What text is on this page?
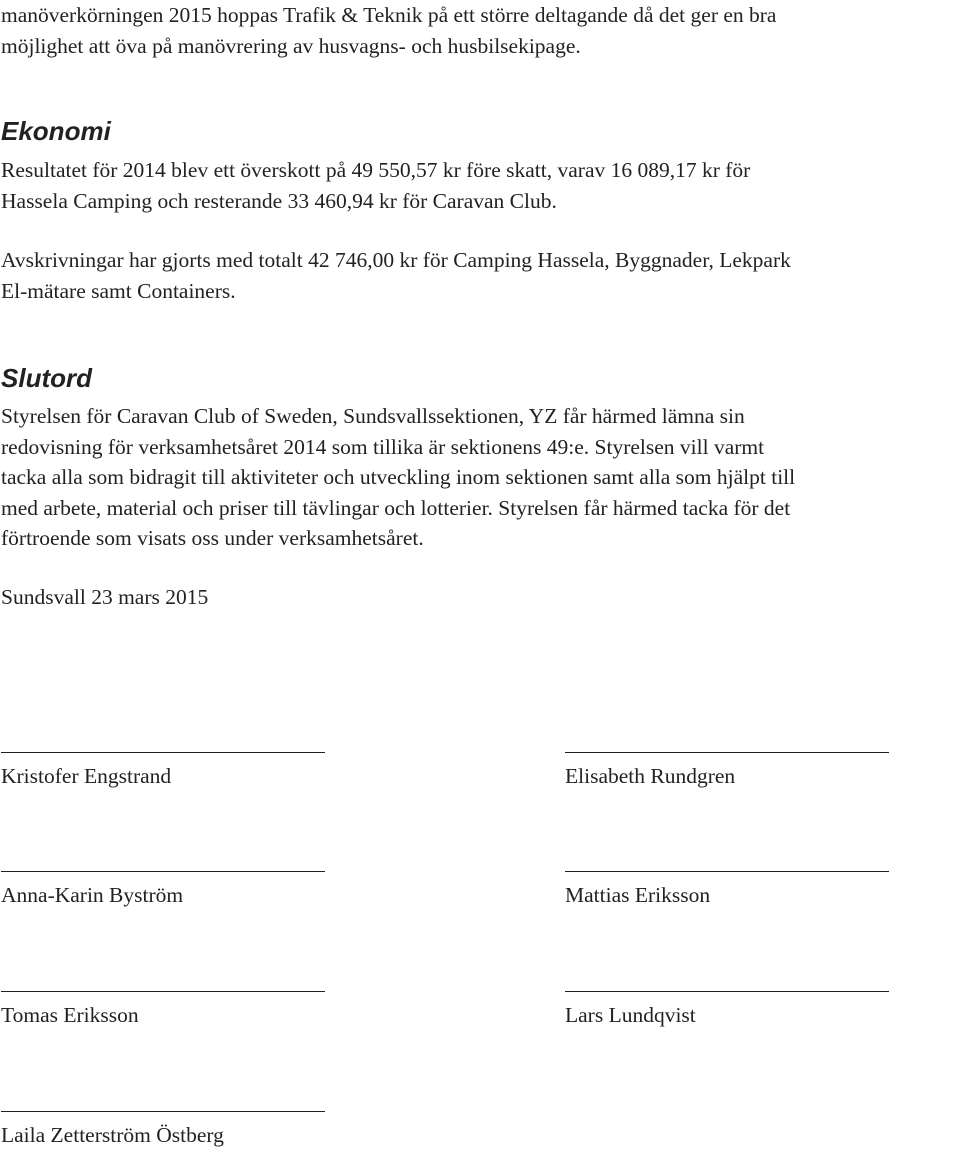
manöverkörningen 2015 hoppas Trafik & Teknik på ett större deltagande då det ger en bra
möjlighet att öva på manövrering av husvagns- och husbilsekipage.

Ekonomi

Resultatet för 2014 blev ett överskott på 49 550,57 kr före skatt, varav 16 089,17 kr för
Hassela Camping och resterande 33 460,94 kr för Caravan Club.

Avskrivningar har gjorts med totalt 42 746,00 kr för Camping Hassela, Byggnader, Lekpark
El-mätare samt Containers.

Slutord

Styrelsen för Caravan Club of Sweden, Sundsvallssektionen, YZ får härmed lämna sin
redovisning för verksamhetsåret 2014 som tillika är sektionens 49:e. Styrelsen vill varmt
tacka alla som bidragit till aktiviteter och utveckling inom sektionen samt alla som hjälpt till
med arbete, material och priser till tävlingar och lotterier. Styrelsen får härmed tacka för det
förtroende som visats oss under verksamhetsåret.

Sundsvall 23 mars 2015

Kristofer Engstrand	Elisabeth Rundgren
Anna-Karin Byström	Mattias Eriksson
Tomas Eriksson	Lars Lundqvist
Laila Zetterström Östberg
